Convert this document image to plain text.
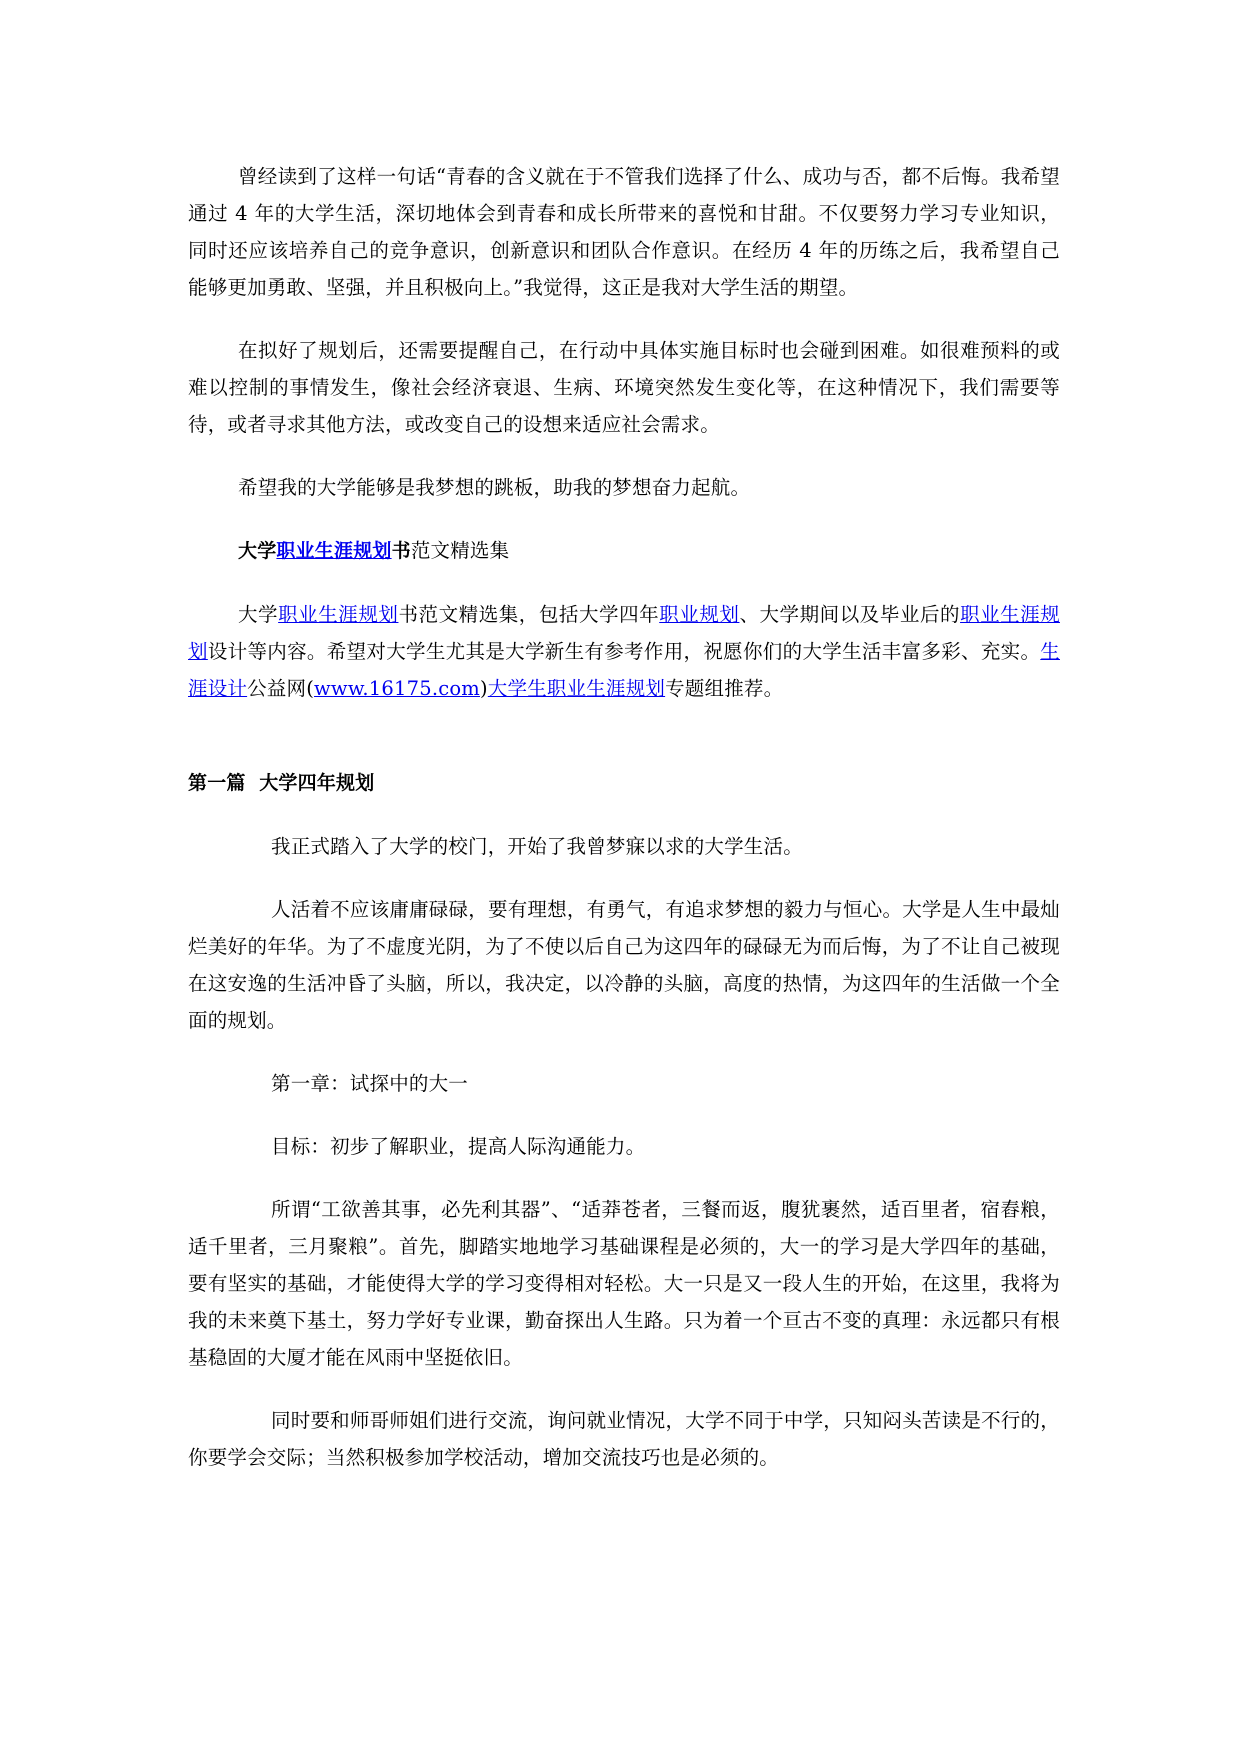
曾经读到了这样一句话“青春的含义就在于不管我们选择了什么、成功与否，都不后悔。我希望通过 4 年的大学生活，深切地体会到青春和成长所带来的喜悦和甘甜。不仅要努力学习专业知识，同时还应该培养自己的竞争意识，创新意识和团队合作意识。在经历 4 年的历练之后，我希望自己能够更加勇敢、坚强，并且积极向上。”我觉得，这正是我对大学生活的期望。

在拟好了规划后，还需要提醒自己，在行动中具体实施目标时也会碰到困难。如很难预料的或难以控制的事情发生，像社会经济衰退、生病、环境突然发生变化等，在这种情况下，我们需要等待，或者寻求其他方法，或改变自己的设想来适应社会需求。

希望我的大学能够是我梦想的跳板，助我的梦想奋力起航。

大学职业生涯规划书范文精选集

大学职业生涯规划书范文精选集，包括大学四年职业规划、大学期间以及毕业后的职业生涯规划设计等内容。希望对大学生尤其是大学新生有参考作用，祝愿你们的大学生活丰富多彩、充实。生涯设计公益网(www.16175.com)大学生职业生涯规划专题组推荐。

第一篇  大学四年规划

我正式踏入了大学的校门，开始了我曾梦寐以求的大学生活。

人活着不应该庸庸碌碌，要有理想，有勇气，有追求梦想的毅力与恒心。大学是人生中最灿烂美好的年华。为了不虚度光阴，为了不使以后自己为这四年的碌碌无为而后悔，为了不让自己被现在这安逸的生活冲昏了头脑，所以，我决定，以冷静的头脑，高度的热情，为这四年的生活做一个全面的规划。

第一章：试探中的大一

目标：初步了解职业，提高人际沟通能力。

所谓“工欲善其事，必先利其器”、“适莽苍者，三餐而返，腹犹裹然，适百里者，宿舂粮，适千里者，三月聚粮”。首先，脚踏实地地学习基础课程是必须的，大一的学习是大学四年的基础，要有坚实的基础，才能使得大学的学习变得相对轻松。大一只是又一段人生的开始，在这里，我将为我的未来奠下基土，努力学好专业课，勤奋探出人生路。只为着一个亘古不变的真理：永远都只有根基稳固的大厦才能在风雨中坚挺依旧。

同时要和师哥师姐们进行交流，询问就业情况，大学不同于中学，只知闷头苦读是不行的，你要学会交际；当然积极参加学校活动，增加交流技巧也是必须的。
